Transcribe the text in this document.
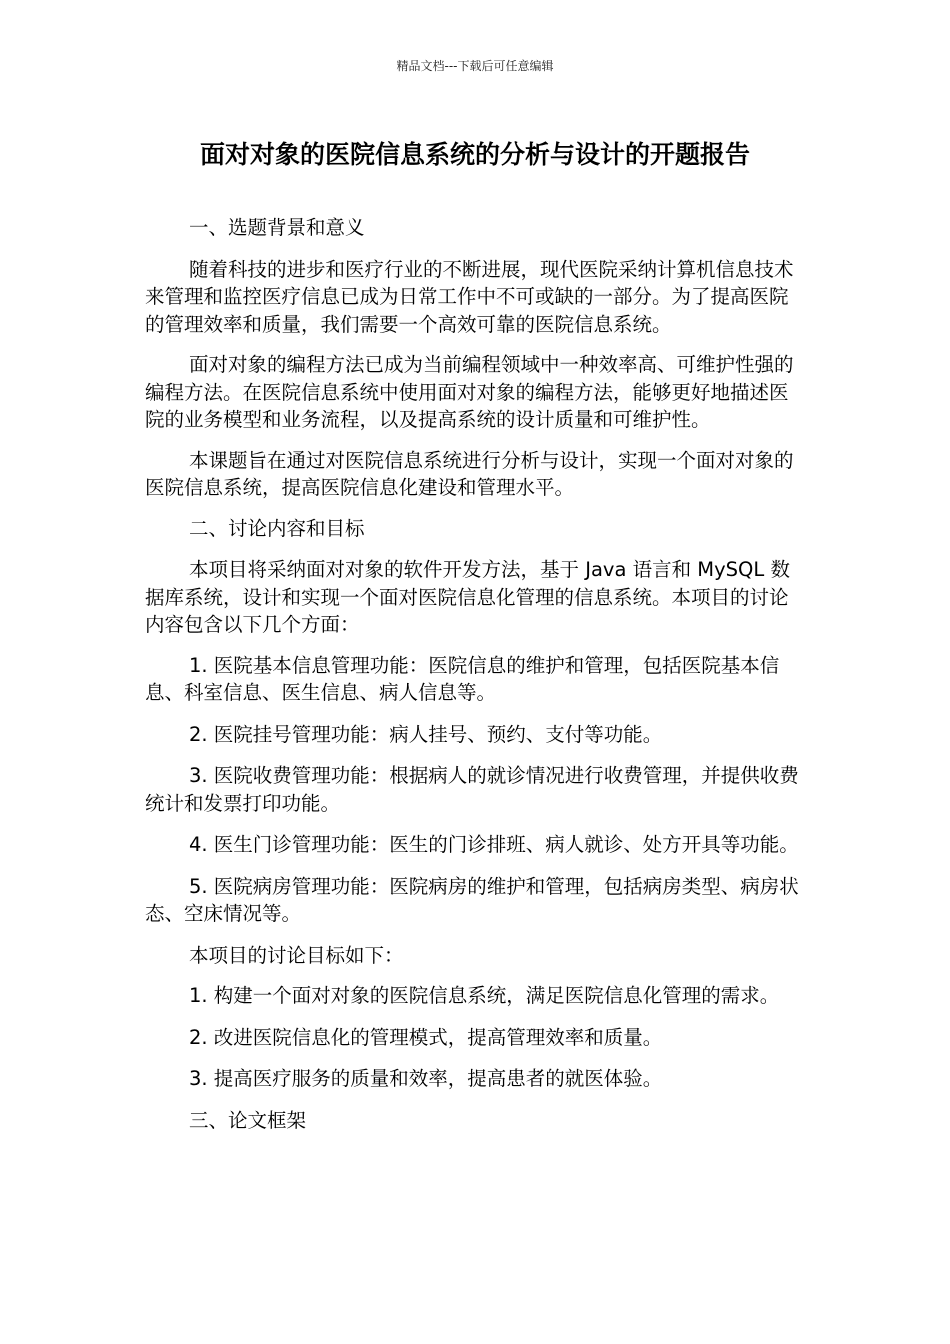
精品文档---下载后可任意编辑
面对对象的医院信息系统的分析与设计的开题报告

一、选题背景和意义

随着科技的进步和医疗行业的不断进展，现代医院采纳计算机信息技术来管理和监控医疗信息已成为日常工作中不可或缺的一部分。为了提高医院的管理效率和质量，我们需要一个高效可靠的医院信息系统。

面对对象的编程方法已成为当前编程领域中一种效率高、可维护性强的编程方法。在医院信息系统中使用面对对象的编程方法，能够更好地描述医院的业务模型和业务流程，以及提高系统的设计质量和可维护性。

本课题旨在通过对医院信息系统进行分析与设计，实现一个面对对象的医院信息系统，提高医院信息化建设和管理水平。

二、讨论内容和目标

本项目将采纳面对对象的软件开发方法，基于 Java 语言和 MySQL 数据库系统，设计和实现一个面对医院信息化管理的信息系统。本项目的讨论内容包含以下几个方面：

1. 医院基本信息管理功能：医院信息的维护和管理，包括医院基本信息、科室信息、医生信息、病人信息等。

2. 医院挂号管理功能：病人挂号、预约、支付等功能。

3. 医院收费管理功能：根据病人的就诊情况进行收费管理，并提供收费统计和发票打印功能。

4. 医生门诊管理功能：医生的门诊排班、病人就诊、处方开具等功能。

5. 医院病房管理功能：医院病房的维护和管理，包括病房类型、病房状态、空床情况等。

本项目的讨论目标如下：

1. 构建一个面对对象的医院信息系统，满足医院信息化管理的需求。

2. 改进医院信息化的管理模式，提高管理效率和质量。

3. 提高医疗服务的质量和效率，提高患者的就医体验。

三、论文框架
